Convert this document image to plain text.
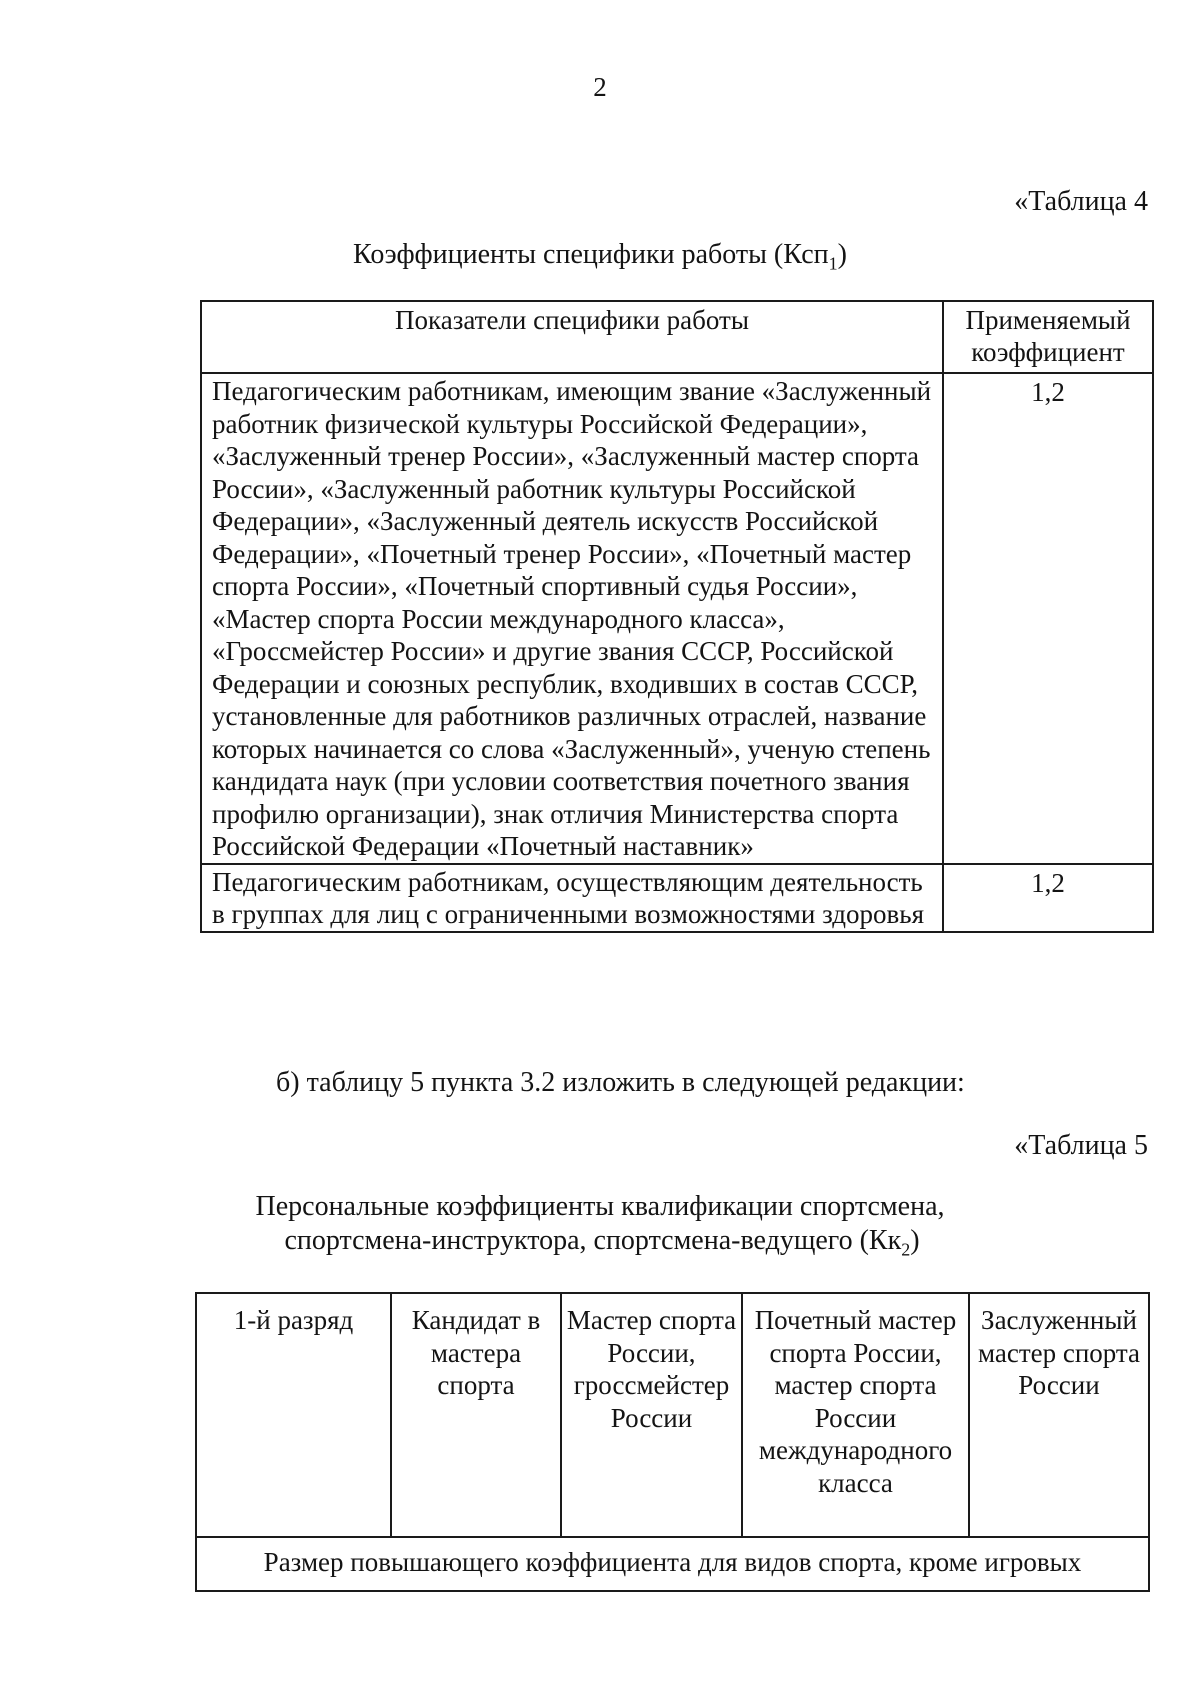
2
«Таблица 4
Коэффициенты специфики работы (Ксп$_1$)
Показатели специфики работы	Применяемый коэффициент
Педагогическим работникам, имеющим звание «Заслуженный работник физической культуры Российской Федерации», «Заслуженный тренер России», «Заслуженный мастер спорта России», «Заслуженный работник культуры Российской Федерации», «Заслуженный деятель искусств Российской Федерации», «Почетный тренер России», «Почетный мастер спорта России», «Почетный спортивный судья России», «Мастер спорта России международного класса», «Гроссмейстер России» и другие звания СССР, Российской Федерации и союзных республик, входивших в состав СССР, установленные для работников различных отраслей, название которых начинается со слова «Заслуженный», ученую степень кандидата наук (при условии соответствия почетного звания профилю организации), знак отличия Министерства спорта Российской Федерации «Почетный наставник»	1,2
Педагогическим работникам, осуществляющим деятельность в группах для лиц с ограниченными возможностями здоровья	1,2
б) таблицу 5 пункта 3.2 изложить в следующей редакции:
«Таблица 5
Персональные коэффициенты квалификации спортсмена,
спортсмена-инструктора, спортсмена-ведущего $(Кк_2)$
1-й разряд	Кандидат в мастера спорта	Мастер спорта России, гроссмейстер России	Почетный мастер спорта России, мастер спорта России международного класса	Заслуженный мастер спорта России
Размер повышающего коэффициента для видов спорта, кроме игровых
